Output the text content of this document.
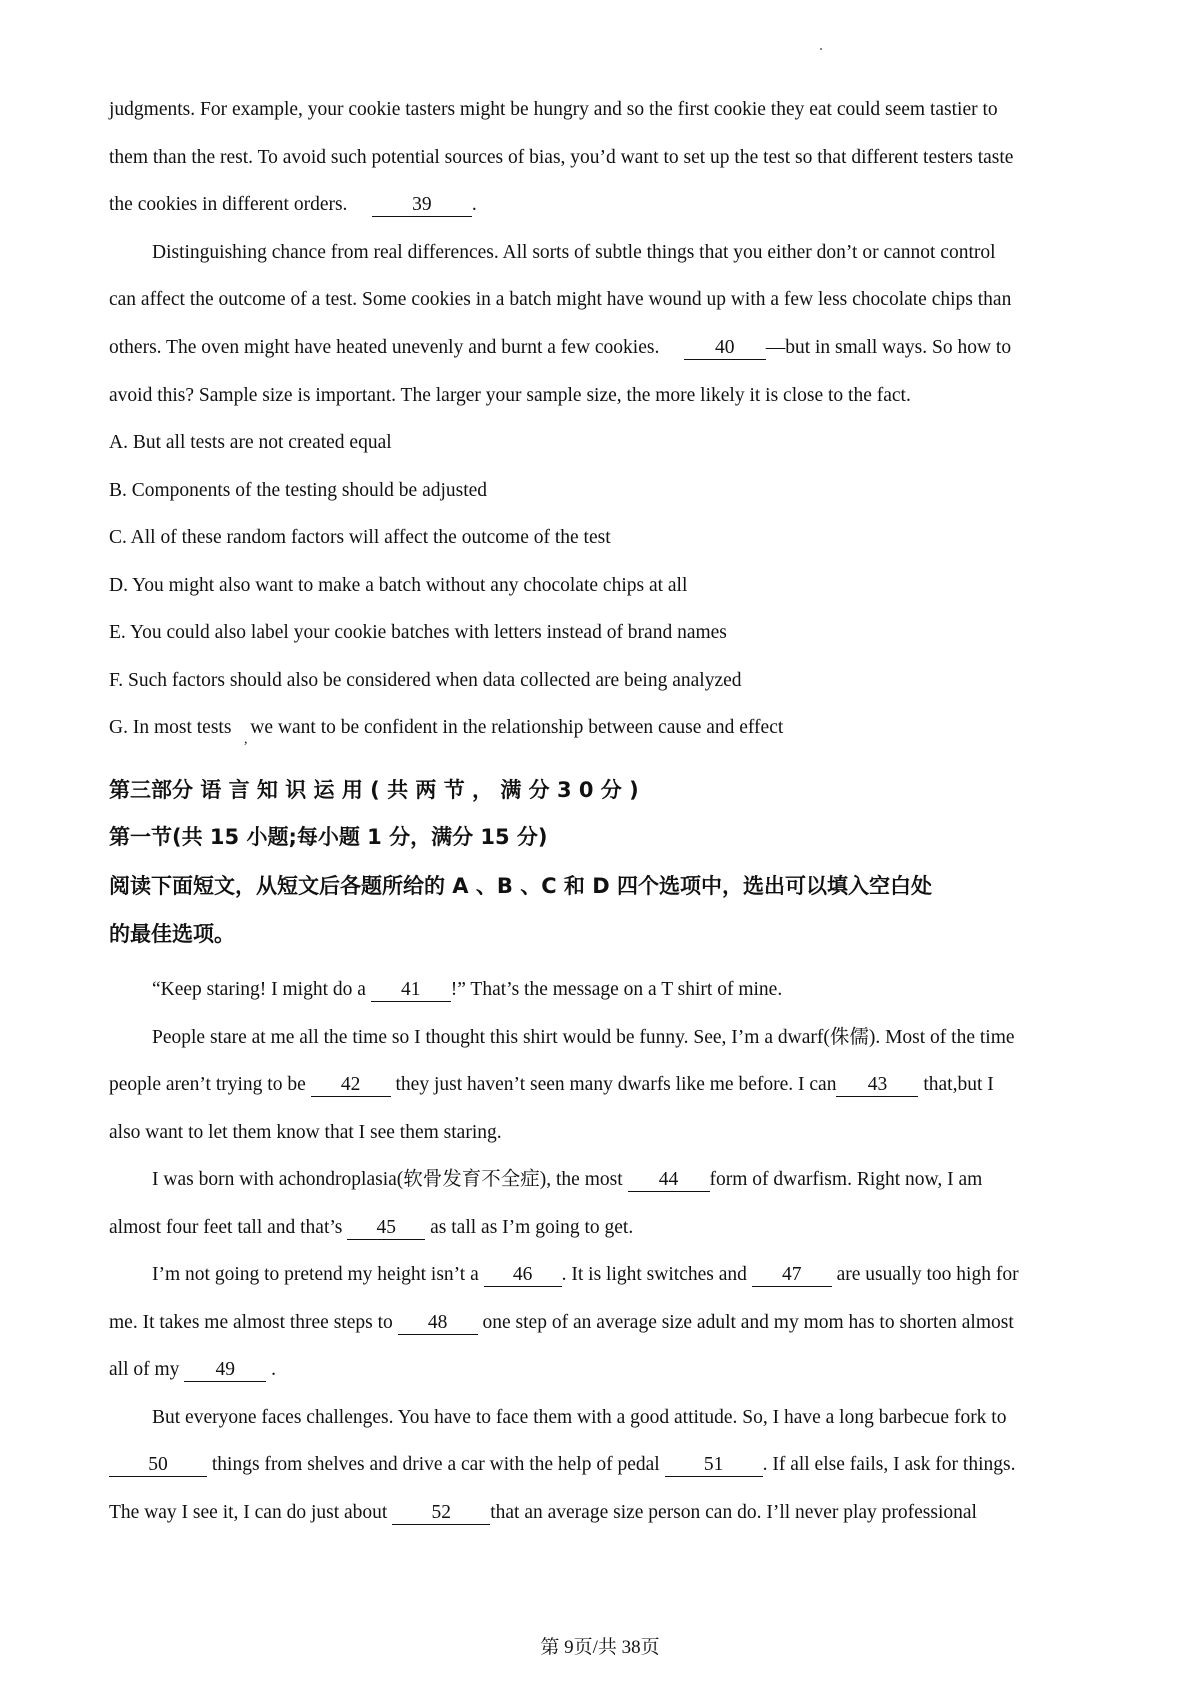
judgments. For example, your cookie tasters might be hungry and so the first cookie they eat could seem tastier to
them than the rest. To avoid such potential sources of bias, you’d want to set up the test so that different testers taste
the cookies in different orders.	39 .
Distinguishing chance from real differences. All sorts of subtle things that you either don’t or cannot control
can affect the outcome of a test. Some cookies in a batch might have wound up with a few less chocolate chips than
others. The oven might have heated unevenly and burnt a few cookies.	40 —but in small ways. So how to
avoid this? Sample size is important. The larger your sample size, the more likely it is close to the fact.
A. But all tests are not created equal
B. Components of the testing should be adjusted
C. All of these random factors will affect the outcome of the test
D. You might also want to make a batch without any chocolate chips at all
E. You could also label your cookie batches with letters instead of brand names
F. Such factors should also be considered when data collected are being analyzed
G. In most tests
,
we want to be confident in the relationship between cause and effect
第三部分 语 言 知 识 运 用 ( 共 两 节 ， 满 分 3 0 分 )
第一节(共 15 小题;每小题 1 分，满分 15 分)
阅读下面短文，从短文后各题所给的 A 、B 、C 和 D 四个选项中，选出可以填入空白处
的最佳选项。
“Keep staring! I might do a 41 !” That’s the message on a T shirt of mine.
People stare at me all the time so I thought this shirt would be funny. See, I’m a dwarf(侏儒). Most of the time
people aren’t trying to be 42 they just haven’t seen many dwarfs like me before. I can 43 that,but I
also want to let them know that I see them staring.
I was born with achondroplasia(软骨发育不全症), the most 44 form of dwarfism. Right now, I am
almost four feet tall and that’s 45 as tall as I’m going to get.
I’m not going to pretend my height isn’t a 46 . It is light switches and 47 are usually too high for
me. It takes me almost three steps to 48 one step of an average size adult and my mom has to shorten almost
all of my 49 .
But everyone faces challenges. You have to face them with a good attitude. So, I have a long barbecue fork to
50 things from shelves and drive a car with the help of pedal 51 . If all else fails, I ask for things.
The way I see it, I can do just about 52 that an average size person can do. I’ll never play professional
第 9页/共 38页
